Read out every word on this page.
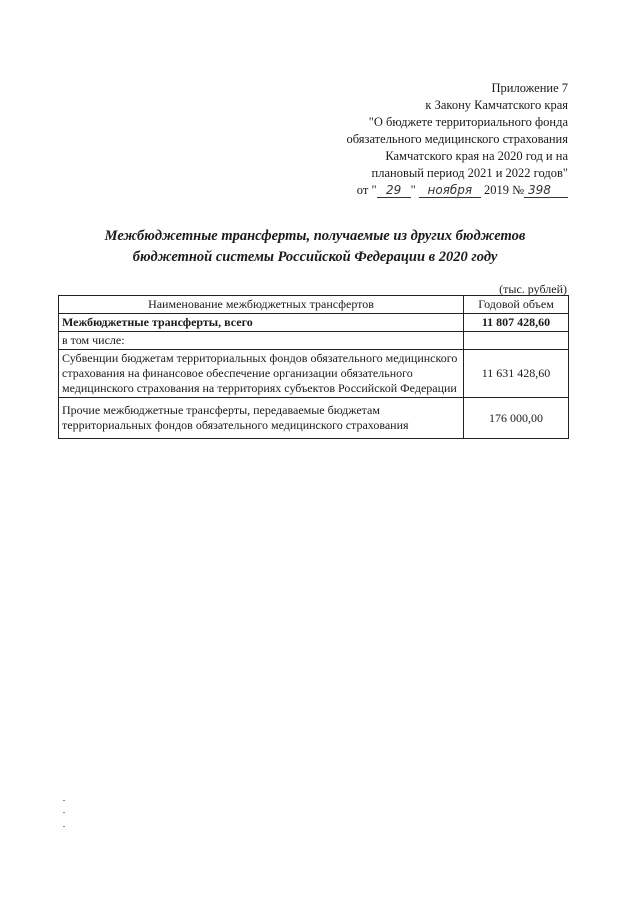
Приложение 7
к Закону Камчатского края
"О бюджете территориального фонда
обязательного медицинского страхования
Камчатского края на 2020 год и на
плановый период 2021 и 2022 годов"
от " 29 " ноября 2019 № 398
Межбюджетные трансферты, получаемые из других бюджетов
бюджетной системы Российской Федерации в 2020 году
(тыс. рублей)
Наименование межбюджетных трансфертов	Годовой объем
Межбюджетные трансферты, всего	11 807 428,60
в том числе:	
Субвенции бюджетам территориальных фондов обязательного медицинского страхования на финансовое обеспечение организации обязательного медицинского страхования на территориях субъектов Российской Федерации	11 631 428,60
Прочие межбюджетные трансферты, передаваемые бюджетам территориальных фондов обязательного медицинского страхования	176 000,00
